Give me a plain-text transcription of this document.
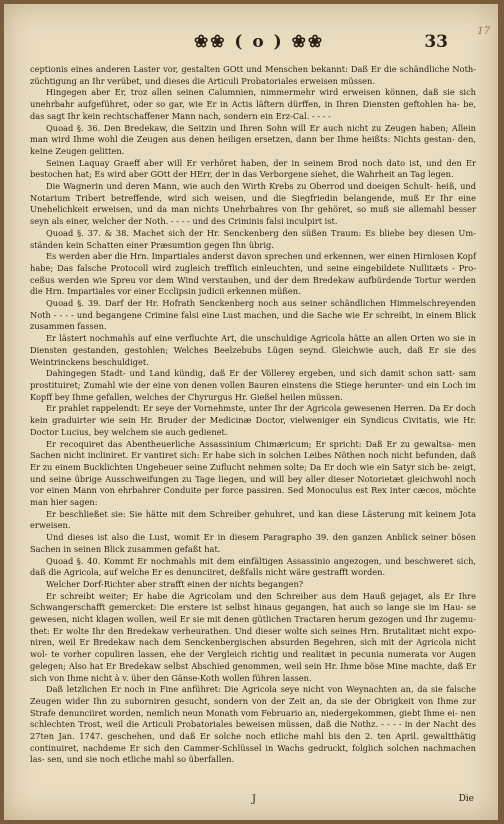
❀❀ ( o ) ❀❀	33
17

ceptionis eines anderen Laster vor, gestalten GOtt und Menschen bekannt: Daß Er die schändliche Noth- züchtigung an Ihr verübet, und dieses die Articuli Probatoriales erweisen müssen.

Hingegen aber Er, troz allen seinen Calumnien, nimmermehr wird erweisen können, daß sie sich unehrbahr aufgeführet, oder so gar, wie Er in Actis läftern dürffen, in Ihren Diensten geftohlen ha- be, das sagt Ihr kein rechtschaffener Mann nach, sondern ein Erz-Cal. - - - -

Quoad §. 36. Den Bredekaw, die Seitzin und Ihren Sohn will Er auch nicht zu Zeugen haben; Allein man wird Ihme wohl die Zeugen aus denen heiligen ersetzen, dann ber Ihme heißts: Nichts gestan- den, keine Zeugen gelitten.

Seinen Laquay Graeff aber will Er verhöret haben, der in seinem Brod noch dato ist, und den Er bestochen hat; Es wird aber GOtt der HErr, der in das Verborgene siehet, die Wahrheit an Tag legen.

Die Wagnerin und deren Mann, wie auch den Wirth Krebs zu Oberrod und doeigen Schult- heiß, und Notarium Tribert betreffende, wird sich weisen, und die Siegfriedin belangende, muß Er Ihr eine Unehelichkeit erweisen, und da man nichts Unehrbahres von Ihr gehöret, so muß sie allemahl besser seyn als einer, welcher der Noth. - - - - und des Criminis falsi inculpirt ist.

Quoad §. 37. & 38. Machet sich der Hr. Senckenberg den süßen Traum: Es bliebe bey diesen Um- ständen kein Schatten einer Præsumtion gegen Ihn übrig.

Es werden aber die Hrn. Impartiales anderst davon sprechen und erkennen, wer einen Hirnlosen Kopf habe; Das falsche Protocoll wird zugleich trefflich einleuchten, und seine eingebildete Nullitæts - Pro- ceßus werden wie Spreu vor dem Wind verstauben, und der dem Bredekaw aufbürdende Tortur werden die Hrn. Impartiales vor einer Ecclipsin judicii erkennen müßen.

Quoad §. 39. Darf der Hr. Hofrath Senckenberg noch aus seiner schändlichen Himmelschreyenden Noth - - - - und begangene Crimine falsi eine Lust machen, und die Sache wie Er schreibt, in einem Blick zusammen fassen.

Er lästert nochmahls auf eine verfluchte Art, die unschuldige Agricola hätte an allen Orten wo sie in Diensten gestanden, gestohlen; Welches Beelzebubs Lügen seynd. Gleichwie auch, daß Er sie des Weintrinckens beschuldiget.

Dahingegen Stadt- und Land kündig, daß Er der Völlerey ergeben, und sich damit schon satt- sam prostituiret; Zumahl wie der eine von denen vollen Bauren einstens die Stiege herunter- und ein Loch im Kopff bey Ihme gefallen, welches der Chyrurgus Hr. Gießel heilen müssen.

Er prahlet rappelendt: Er seye der Vornehmste, unter Ihr der Agricola gewesenen Herren. Da Er doch kein graduirter wie sein Hr. Bruder der Medicinæ Doctor, vielweniger ein Syndicus Civitatis, wie Hr. Doctor Lucius, bey welchem sie auch gedienet.

Er recoquiret das Abentheuerliche Assassinium Chimæricum; Er spricht: Daß Er zu gewaltsa- men Sachen nicht incliniret. Er vantiret sich: Er habe sich in solchen Leibes Nöthen noch nicht befunden, daß Er zu einem Bucklichten Ungeheuer seine Zuflucht nehmen solte; Da Er doch wie ein Satyr sich be- zeigt, und seine übrige Ausschweifungen zu Tage liegen, und will bey aller dieser Notorietæt gleichwohl noch vor einen Mann von ehrbahrer Conduite per force passiren. Sed Monoculus est Rex inter cæcos, möchte man hier sagen:

Er beschließet sie: Sie hätte mit dem Schreiber gehuhret, und kan diese Lästerung mit keinem Jota erweisen.

Und dieses ist also die Lust, womit Er in diesem Paragrapho 39. den ganzen Anblick seiner bösen Sachen in seinen Blick zusammen gefaßt hat.

Quoad §. 40. Kommt Er nochmahls mit dem einfältigen Assassinio angezogen, und beschweret sich, daß die Agricola, auf welche Er es denunciiret, deßfalls nicht wäre gestrafft worden.

Welcher Dorf-Richter aber strafft einen der nichts begangen?

Er schreibt weiter; Er habe die Agricolam und den Schreiber aus dem Hauß gejaget, als Er Ihre Schwangerschafft gemercket: Die erstere ist selbst hinaus gegangen, hat auch so lange sie im Hau- se gewesen, nicht klagen wollen, weil Er sie mit denen gütlichen Tractaren herum gezogen und Ihr zugemu- thet: Er wolte Ihr den Bredekaw verheurathen. Und dieser wolte sich seines Hrn. Brutalitæt nicht expo- niren, weil Er Bredekaw nach dem Senckenbergischen absurden Begehren, sich mit der Agricola nicht wol- te vorher copuliren lassen, ehe der Vergleich richtig und realitæt in pecunia numerata vor Augen gelegen; Also hat Er Bredekaw selbst Abschied genommen, weil sein Hr. Ihme böse Mine machte, daß Er sich von Ihme nicht à v. über den Gänse-Koth wollen führen lassen.

Daß letzlichen Er noch in Fine anführet: Die Agricola seye nicht von Weynachten an, da sie falsche Zeugen wider Ihn zu suborniren gesucht, sondern von der Zeit an, da sie der Obrigkeit von Ihme zur Strafe denunciiret worden, nemlich neun Monath vom Februario an, niedergekommen, giebt Ihme ei- nen schlechten Trost, weil die Articuli Probatoriales beweisen müssen, daß die Nothz. - - - - in der Nacht des 27ten Jan. 1747. geschehen, und daß Er solche noch etliche mahl bis den 2. ten April. gewaltthätig continuiret, nachdeme Er sich den Cammer-Schlüssel in Wachs gedruckt, folglich solchen nachmachen las- sen, und sie noch etliche mahl so überfallen.

J	Die
